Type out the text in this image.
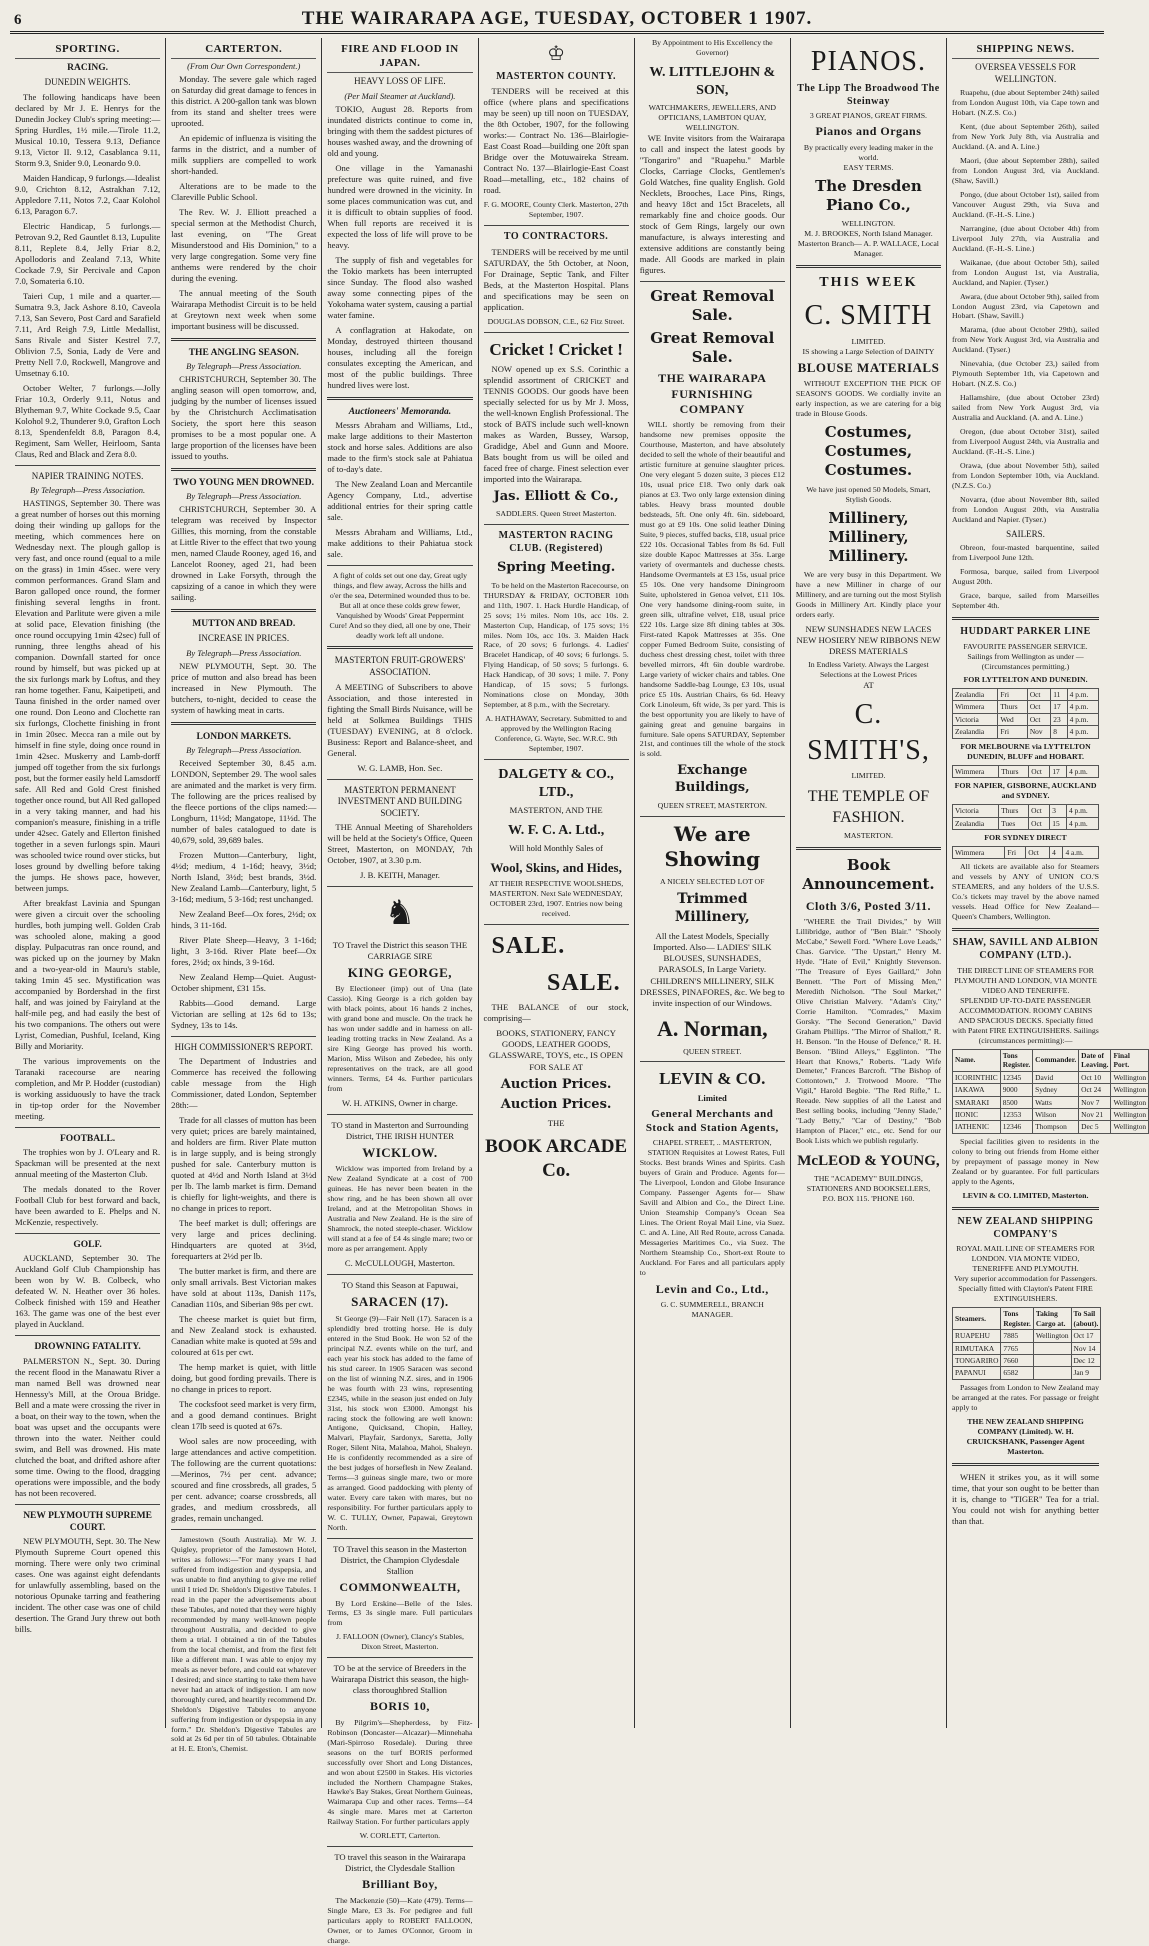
6	THE WAIRARAPA AGE, TUESDAY, OCTOBER 1 1907.
SPORTING.
RACING.
DUNEDIN WEIGHTS.

The following handicaps have been declared by Mr J. E. Henrys for the Dunedin Jockey Club's spring meeting:— Spring Hurdles, 1½ mile.—Tirole 11.2, Musical 10.10, Tessera 9.13, Defiance 9.13, Victor II. 9.12, Casablanca 9.11, Storm 9.3, Snider 9.0, Leonardo 9.0.

Maiden Handicap, 9 furlongs.—Idealist 9.0, Crichton 8.12, Astrakhan 7.12, Appledore 7.11, Notos 7.2, Caar Kolohol 6.13, Paragon 6.7.

Electric Handicap, 5 furlongs.—Petrovan 9.2, Red Gauntlet 8.13, Lupulite 8.11, Replete 8.4, Jelly Friar 8.2, Apollodoris and Zealand 7.13, White Cockade 7.9, Sir Percivale and Capon 7.0, Somateria 6.10.

Taieri Cup, 1 mile and a quarter.—Sumatra 9.3, Jack Ashore 8.10, Caveola 7.13, San Severo, Post Card and Sarafield 7.11, Ard Reigh 7.9, Little Medallist, Sans Rivale and Sister Kestrel 7.7, Oblivion 7.5, Sonia, Lady de Vere and Pretty Nell 7.0, Rockwell, Mangrove and Umsetnay 6.10.

October Welter, 7 furlongs.—Jolly Friar 10.3, Orderly 9.11, Notus and Blytheman 9.7, White Cockade 9.5, Caar Kolohol 9.2, Thunderer 9.0, Grafton Loch 8.13, Spendenfeldt 8.8, Paragon 8.4, Regiment, Sam Weller, Heirloom, Santa Claus, Red and Black and Zera 8.0.

NAPIER TRAINING NOTES.
By Telegraph—Press Association.

HASTINGS, September 30. There was a great number of horses out this morning doing their winding up gallops for the meeting, which commences here on Wednesday next. The plough gallop is very fast, and once round (equal to a mile on the grass) in 1min 45sec. were very common performances. Grand Slam and Baron galloped once round, the former finishing several lengths in front. Elevation and Parlitute were given a mile at solid pace, Elevation finishing (the once round occupying 1min 42sec) full of running, three lengths ahead of his companion. Downfall started for once round by himself, but was picked up at the six furlongs mark by Loftus, and they ran home together. Fanu, Kaipetipeti, and Tauna finished in the order named over one round. Don Leono and Clochette ran six furlongs, Clochette finishing in front in 1min 20sec. Mecca ran a mile out by himself in fine style, doing once round in 1min 42sec. Muskerry and Lamb-dorff jumped off together from the six furlongs post, but the former easily held Lamsdorff safe. All Red and Gold Crest finished together once round, but All Red galloped in a very taking manner, and had his companion's measure, finishing in a trifle under 42sec. Gately and Ellerton finished together in a seven furlongs spin. Mauri was schooled twice round over sticks, but loses ground by dwelling before taking the jumps. He shows pace, however, between jumps.

After breakfast Lavinia and Spungan were given a circuit over the schooling hurdles, both jumping well. Golden Crab was schooled alone, making a good display. Pulpacutras ran once round, and was picked up on the journey by Makn and a two-year-old in Mauru's stable, taking 1min 45 sec. Mystification was accompanied by Bordershad in the first half, and was joined by Fairyland at the half-mile peg, and had easily the best of his two companions. The others out were Lyrist, Comedian, Pushful, Iceland, King Billy and Moriarity.

The various improvements on the Taranaki racecourse are nearing completion, and Mr P. Hodder (custodian) is working assiduously to have the track in tip-top order for the November meeting.

FOOTBALL.

The trophies won by J. O'Leary and R. Spackman will be presented at the next annual meeting of the Masterton Club.

The medals donated to the Rover Football Club for best forward and back, have been awarded to E. Phelps and N. McKenzie, respectively.

GOLF.

AUCKLAND, September 30. The Auckland Golf Club Championship has been won by W. B. Colbeck, who defeated W. N. Heather over 36 holes. Colbeck finished with 159 and Heather 163. The game was one of the best ever played in Auckland.

DROWNING FATALITY.

PALMERSTON N., Sept. 30. During the recent flood in the Manawatu River a man named Bell was drowned near Hennessy's Mill, at the Oroua Bridge. Bell and a mate were crossing the river in a boat, on their way to the town, when the boat was upset and the occupants were thrown into the water. Neither could swim, and Bell was drowned. His mate clutched the boat, and drifted ashore after some time. Owing to the flood, dragging operations were impossible, and the body has not been recovered.

NEW PLYMOUTH SUPREME COURT.

NEW PLYMOUTH, Sept. 30. The New Plymouth Supreme Court opened this morning. There were only two criminal cases. One was against eight defendants for unlawfully assembling, based on the notorious Opunake tarring and feathering incident. The other case was one of child desertion. The Grand Jury threw out both bills.

CARTERTON.
(From Our Own Correspondent.)

Monday. The severe gale which raged on Saturday did great damage to fences in this district. A 200-gallon tank was blown from its stand and shelter trees were uprooted.

An epidemic of influenza is visiting the farms in the district, and a number of milk suppliers are compelled to work short-handed.

Alterations are to be made to the Clareville Public School.

The Rev. W. J. Elliott preached a special sermon at the Methodist Church, last evening, on "The Great Misunderstood and His Dominion," to a very large congregation. Some very fine anthems were rendered by the choir during the evening.

The annual meeting of the South Wairarapa Methodist Circuit is to be held at Greytown next week when some important business will be discussed.

THE ANGLING SEASON.
By Telegraph—Press Association.

CHRISTCHURCH, September 30. The angling season will open tomorrow, and, judging by the number of licenses issued by the Christchurch Acclimatisation Society, the sport here this season promises to be a most popular one. A large proportion of the licenses have been issued to youths.

TWO YOUNG MEN DROWNED.
By Telegraph—Press Association.

CHRISTCHURCH, September 30. A telegram was received by Inspector Gillies, this morning, from the constable at Little River to the effect that two young men, named Claude Rooney, aged 16, and Lancelot Rooney, aged 21, had been drowned in Lake Forsyth, through the capsizing of a canoe in which they were sailing.

MUTTON AND BREAD.
INCREASE IN PRICES.
By Telegraph—Press Association.

NEW PLYMOUTH, Sept. 30. The price of mutton and also bread has been increased in New Plymouth. The butchers, to-night, decided to cease the system of hawking meat in carts.

LONDON MARKETS.
By Telegraph—Press Association.

Received September 30, 8.45 a.m. LONDON, September 29. The wool sales are animated and the market is very firm. The following are the prices realised by the fleece portions of the clips named:—Longburn, 11½d; Mangatope, 11½d. The number of bales catalogued to date is 40,679, sold, 39,689 bales.

Frozen Mutton—Canterbury, light, 4½d; medium, 4 1-16d; heavy, 3½d; North Island, 3½d; best brands, 3½d. New Zealand Lamb—Canterbury, light, 5 3-16d; medium, 5 3-16d; rest unchanged.

New Zealand Beef—Ox fores, 2½d; ox hinds, 3 11-16d.

River Plate Sheep—Heavy, 3 1-16d; light, 3 3-16d. River Plate beef—Ox fores, 2½d; ox hinds, 3 9-16d.

New Zealand Hemp—Quiet. August-October shipment, £31 15s.

Rabbits—Good demand. Large Victorian are selling at 12s 6d to 13s; Sydney, 13s to 14s.

HIGH COMMISSIONER'S REPORT.

The Department of Industries and Commerce has received the following cable message from the High Commissioner, dated London, September 28th:—

Trade for all classes of mutton has been very quiet; prices are barely maintained, and holders are firm. River Plate mutton is in large supply, and is being strongly pushed for sale. Canterbury mutton is quoted at 4½d and North Island at 3½d per lb. The lamb market is firm. Demand is chiefly for light-weights, and there is no change in prices to report.

The beef market is dull; offerings are very large and prices declining. Hindquarters are quoted at 3½d, forequarters at 2½d per lb.

The butter market is firm, and there are only small arrivals. Best Victorian makes have sold at about 113s, Danish 117s, Canadian 110s, and Siberian 98s per cwt.

The cheese market is quiet but firm, and New Zealand stock is exhausted. Canadian white make is quoted at 59s and coloured at 61s per cwt.

The hemp market is quiet, with little doing, but good fording prevails. There is no change in prices to report.

The cocksfoot seed market is very firm, and a good demand continues. Bright clean 17lb seed is quoted at 67s.

Wool sales are now proceeding, with large attendances and active competition. The following are the current quotations:—Merinos, 7½ per cent. advance; scoured and fine crossbreds, all grades, 5 per cent. advance; coarse crossbreds, all grades, and medium crossbreds, all grades, remain unchanged.

Jamestown (South Australia). Mr W. J. Quigley, proprietor of the Jamestown Hotel, writes as follows:—"For many years I had suffered from indigestion and dyspepsia, and was unable to find anything to give me relief until I tried Dr. Sheldon's Digestive Tabules. I read in the paper the advertisements about these Tabules, and noted that they were highly recommended by many well-known people throughout Australia, and decided to give them a trial. I obtained a tin of the Tabules from the local chemist, and from the first felt like a different man. I was able to enjoy my meals as never before, and could eat whatever I desired; and since starting to take them have never had an attack of indigestion. I am now thoroughly cured, and heartily recommend Dr. Sheldon's Digestive Tabules to anyone suffering from indigestion or dyspepsia in any form." Dr. Sheldon's Digestive Tabules are sold at 2s 6d per tin of 50 tabules. Obtainable at H. E. Eton's, Chemist.

FIRE AND FLOOD IN JAPAN.
HEAVY LOSS OF LIFE.
(Per Mail Steamer at Auckland).

TOKIO, August 28. Reports from inundated districts continue to come in, bringing with them the saddest pictures of houses washed away, and the drowning of old and young.

One village in the Yamanashi prefecture was quite ruined, and five hundred were drowned in the vicinity. In some places communication was cut, and it is difficult to obtain supplies of food. When full reports are received it is expected the loss of life will prove to be heavy.

The supply of fish and vegetables for the Tokio markets has been interrupted since Sunday. The flood also washed away some connecting pipes of the Yokohama water system, causing a partial water famine.

A conflagration at Hakodate, on Monday, destroyed thirteen thousand houses, including all the foreign consulates excepting the American, and most of the public buildings. Three hundred lives were lost.

Auctioneers' Memoranda.

Messrs Abraham and Williams, Ltd., make large additions to their Masterton stock and horse sales. Additions are also made to the firm's stock sale at Pahiatua of to-day's date.

The New Zealand Loan and Mercantile Agency Company, Ltd., advertise additional entries for their spring cattle sale.

Messrs Abraham and Williams, Ltd., make additions to their Pahiatua stock sale.

A fight of colds set out one day, Great ugly things, and flew away, Across the hills and o'er the sea, Determined wounded thus to be. But all at once these colds grew fewer, Vanquished by Woods' Great Peppermint Cure! And so they died, all one by one, Their deadly work left all undone.

MASTERTON FRUIT-GROWERS' ASSOCIATION.

A MEETING of Subscribers to above Association, and those interested in fighting the Small Birds Nuisance, will be held at Solkmea Buildings THIS (TUESDAY) EVENING, at 8 o'clock. Business: Report and Balance-sheet, and General.

W. G. LAMB, Hon. Sec.
MASTERTON PERMANENT INVESTMENT AND BUILDING SOCIETY.

THE Annual Meeting of Shareholders will be held at the Society's Office, Queen Street, Masterton, on MONDAY, 7th October, 1907, at 3.30 p.m.

J. B. KEITH, Manager.
♞
TO Travel the District this season THE CARRIAGE SIRE
KING GEORGE,

By Electioneer (imp) out of Una (late Cassio). King George is a rich golden bay with black points, about 16 hands 2 inches, with grand bone and muscle. On the track he has won under saddle and in harness on all-leading trotting tracks in New Zealand. As a sire King George has proved his worth. Marion, Miss Wilson and Zebedee, his only representatives on the track, are all good winners. Terms, £4 4s. Further particulars from

W. H. ATKINS, Owner in charge.
TO stand in Masterton and Surrounding District, THE IRISH HUNTER
WICKLOW.

Wicklow was imported from Ireland by a New Zealand Syndicate at a cost of 700 guineas. He has never been beaten in the show ring, and he has been shown all over Ireland, and at the Metropolitan Shows in Australia and New Zealand. He is the sire of Shamrock, the noted steeple-chaser. Wicklow will stand at a fee of £4 4s single mare; two or more as per arrangement. Apply

C. McCULLOUGH, Masterton.
TO Stand this Season at Fapuwai,
SARACEN (17).

St George (9)—Fair Nell (17). Saracen is a splendidly bred trotting horse. He is duly entered in the Stud Book. He won 52 of the principal N.Z. events while on the turf, and each year his stock has added to the fame of his stud career. In 1905 Saracen was second on the list of winning N.Z. sires, and in 1906 he was fourth with 23 wins, representing £2345, while in the season just ended on July 31st, his stock won £3000. Amongst his racing stock the following are well known: Antigone, Quicksand, Chopin, Halley, Malvari, Playfair, Sardonyx, Saretta, Jolly Roger, Silent Nita, Malahoa, Mahoi, Shaleyn. He is confidently recommended as a sire of the best judges of horseflesh in New Zealand. Terms—3 guineas single mare, two or more as arranged. Good paddocking with plenty of water. Every care taken with mares, but no responsibility. For further particulars apply to W. C. TULLY, Owner, Papawai, Greytown North.

TO Travel this season in the Masterton District, the Champion Clydesdale Stallion
COMMONWEALTH,

By Lord Erskine—Belle of the Isles. Terms, £3 3s single mare. Full particulars from

J. FALLOON (Owner), Clancy's Stables, Dixon Street, Masterton.
TO be at the service of Breeders in the Wairarapa District this season, the high-class thoroughbred Stallion
BORIS 10,

By Pilgrim's—Shepherdess, by Fitz-Robinson (Doncaster—Alcazar)—Minnehaha (Mari-Spirroso Rosedale). During three seasons on the turf BORIS performed successfully over Short and Long Distances, and won about £2500 in Stakes. His victories included the Northern Champagne Stakes, Hawke's Bay Stakes, Great Northern Guineas, Waimarapa Cup and other races. Terms—£4 4s single mare. Mares met at Carterton Railway Station. For further particulars apply

W. CORLETT, Carterton.
TO travel this season in the Wairarapa District, the Clydesdale Stallion
Brilliant Boy,

The Mackenzie (50)—Kate (479). Terms—Single Mare, £3 3s. For pedigree and full particulars apply to ROBERT FALLOON, Owner, or to James O'Connor, Groom in charge.

♔
MASTERTON COUNTY.

TENDERS will be received at this office (where plans and specifications may be seen) up till noon on TUESDAY, the 8th October, 1907, for the following works:— Contract No. 136—Blairlogie-East Coast Road—building one 20ft span Bridge over the Motuwaireka Stream. Contract No. 137—Blairlogie-East Coast Road—metalling, etc., 182 chains of road.

F. G. MOORE, County Clerk. Masterton, 27th September, 1907.
TO CONTRACTORS.

TENDERS will be received by me until SATURDAY, the 5th October, at Noon, For Drainage, Septic Tank, and Filter Beds, at the Masterton Hospital. Plans and specifications may be seen on application.

DOUGLAS DOBSON, C.E., 62 Fitz Street.
Cricket ! Cricket !

NOW opened up ex S.S. Corinthic a splendid assortment of CRICKET and TENNIS GOODS. Our goods have been specially selected for us by Mr J. Moss, the well-known English Professional. The stock of BATS include such well-known makes as Warden, Bussey, Warsop, Gradidge, Abel and Gunn and Moore. Bats bought from us will be oiled and faced free of charge. Finest selection ever imported into the Wairarapa.

Jas. Elliott & Co.,
SADDLERS. Queen Street Masterton.
MASTERTON RACING CLUB. (Registered)
Spring Meeting.

To be held on the Masterton Racecourse, on THURSDAY & FRIDAY, OCTOBER 10th and 11th, 1907. 1. Hack Hurdle Handicap, of 25 sovs; 1½ miles. Nom 10s, acc 10s. 2. Masterton Cup, Handicap, of 175 sovs; 1½ miles. Nom 10s, acc 10s. 3. Maiden Hack Race, of 20 sovs; 6 furlongs. 4. Ladies' Bracelet Handicap, of 40 sovs; 6 furlongs. 5. Flying Handicap, of 50 sovs; 5 furlongs. 6. Hack Handicap, of 30 sovs; 1 mile. 7. Pony Handicap, of 15 sovs; 5 furlongs. Nominations close on Monday, 30th September, at 8 p.m., with the Secretary.

A. HATHAWAY, Secretary. Submitted to and approved by the Wellington Racing Conference, G. Wayte, Sec. W.R.C. 9th September, 1907.
DALGETY & CO., LTD.,
MASTERTON, AND THE
W. F. C. A. Ltd.,
Will hold Monthly Sales of
Wool, Skins, and Hides,
AT THEIR RESPECTIVE WOOLSHEDS, MASTERTON. Next Sale WEDNESDAY, OCTOBER 23rd, 1907. Entries now being received.
SALE.
SALE.

THE BALANCE of our stock, comprising—

BOOKS, STATIONERY, FANCY GOODS, LEATHER GOODS, GLASSWARE, TOYS, etc., IS OPEN FOR SALE AT
Auction Prices.
Auction Prices.
THE
BOOK ARCADE Co.
By Appointment to His Excellency the Governor)
W. LITTLEJOHN & SON,
WATCHMAKERS, JEWELLERS, AND OPTICIANS, LAMBTON QUAY, WELLINGTON.

WE Invite visitors from the Wairarapa to call and inspect the latest goods by "Tongariro" and "Ruapehu." Marble Clocks, Carriage Clocks, Gentlemen's Gold Watches, fine quality English. Gold Necklets, Brooches, Lace Pins, Rings, and heavy 18ct and 15ct Bracelets, all remarkably fine and choice goods. Our stock of Gem Rings, largely our own manufacture, is always interesting and extensive additions are constantly being made. All Goods are marked in plain figures.

Great Removal Sale.
Great Removal Sale.
THE WAIRARAPA FURNISHING COMPANY

WILL shortly be removing from their handsome new premises opposite the Courthouse, Masterton, and have absolutely decided to sell the whole of their beautiful and artistic furniture at genuine slaughter prices. One very elegant 5 dozen suite, 3 pieces £12 10s, usual price £18. Two only dark oak pianos at £3. Two only large extension dining tables. Heavy brass mounted double bedsteads, 5ft. One only 4ft. 6in. sideboard, must go at £9 10s. One solid leather Dining Suite, 9 pieces, stuffed backs, £18, usual price £22 10s. Occasional Tables from 8s 6d. Full size double Kapoc Mattresses at 35s. Large variety of overmantels and duchesse chests. Handsome Overmantels at £3 15s, usual price £5 10s. One very handsome Diningroom Suite, upholstered in Genoa velvet, £11 10s. One very handsome dining-room suite, in green silk, ultrafine velvet, £18, usual price £22 10s. Large size 8ft dining tables at 30s. First-rated Kapok Mattresses at 35s. One copper Fumed Bedroom Suite, consisting of duchess chest dressing chest, toilet with three bevelled mirrors, 4ft 6in double wardrobe. Large variety of wicker chairs and tables. One handsome Saddle-bag Lounge, £3 10s, usual price £5 10s. Austrian Chairs, 6s 6d. Heavy Cork Linoleum, 6ft wide, 3s per yard. This is the best opportunity you are likely to have of gaining great and genuine bargains in furniture. Sale opens SATURDAY, September 21st, and continues till the whole of the stock is sold.

Exchange Buildings,
QUEEN STREET, MASTERTON.
We are Showing
A NICELY SELECTED LOT OF
Trimmed Millinery,
All the Latest Models, Specially Imported. Also— LADIES' SILK BLOUSES, SUNSHADES, PARASOLS, In Large Variety. CHILDREN'S MILLINERY, SILK DRESSES, PINAFORES, &c. We beg to invite inspection of our Windows.
A. Norman,
QUEEN STREET.
LEVIN & CO.
Limited
General Merchants and Stock and Station Agents,
CHAPEL STREET, .. MASTERTON,

STATION Requisites at Lowest Rates, Full Stocks. Best brands Wines and Spirits. Cash buyers of Grain and Produce. Agents for— The Liverpool, London and Globe Insurance Company. Passenger Agents for— Shaw Savill and Albion and Co., the Direct Line. Union Steamship Company's Ocean Sea Lines. The Orient Royal Mail Line, via Suez. C. and A. Line, All Red Route, across Canada. Messageries Maritimes Co., via Suez. The Northern Steamship Co., Short-ext Route to Auckland. For Fares and all particulars apply to

Levin and Co., Ltd.,
G. C. SUMMERELL, BRANCH MANAGER.
PIANOS.
The Lipp The Broadwood The Steinway
3 GREAT PIANOS, GREAT FIRMS.
Pianos and Organs
By practically every leading maker in the world.
EASY TERMS.
The Dresden Piano Co.,
WELLINGTON.
M. J. BROOKES, North Island Manager. Masterton Branch— A. P. WALLACE, Local Manager.
THIS WEEK
C. SMITH
LIMITED.
IS showing a Large Selection of DAINTY
BLOUSE MATERIALS

WITHOUT EXCEPTION THE PICK OF SEASON'S GOODS. We cordially invite an early inspection, as we are catering for a big trade in Blouse Goods.

Costumes, Costumes, Costumes.
We have just opened 50 Models, Smart, Stylish Goods.
Millinery, Millinery, Millinery.

We are very busy in this Department. We have a new Milliner in charge of our Millinery, and are turning out the most Stylish Goods in Millinery Art. Kindly place your orders early.

NEW SUNSHADES NEW LACES NEW HOSIERY NEW RIBBONS NEW DRESS MATERIALS
In Endless Variety. Always the Largest Selections at the Lowest Prices
AT
C. SMITH'S,
LIMITED.
THE TEMPLE OF FASHION.
MASTERTON.
Book Announcement.
Cloth 3/6, Posted 3/11.

"WHERE the Trail Divides," by Will Lillibridge, author of "Ben Blair." "Shooly McCabe," Sewell Ford. "Where Love Leads," Chas. Garvice. "The Upstart," Henry M. Hyde. "Hate of Evil," Knightly Stevenson. "The Treasure of Eyes Gaillard," John Bennett. "The Port of Missing Men," Meredith Nicholson. "The Soul Market," Olive Christian Malvery. "Adam's City," Corrie Hamilton. "Comrades," Maxim Gorsky. "The Second Generation," David Graham Phillips. "The Mirror of Shallott," R. H. Benson. "In the House of Defence," R. H. Benson. "Blind Alleys," Egglinton. "The Heart that Knows," Roberts. "Lady Wife Demeter," Frances Barcroft. "The Bishop of Cottontown," J. Trotwood Moore. "The Vigil," Harold Begbie. "The Red Rifle," L. Reeade. New supplies of all the Latest and Best selling books, including "Jenny Slade," "Lady Betty," "Car of Destiny," "Bob Hampton of Placer," etc., etc. Send for our Book Lists which we publish regularly.

McLEOD & YOUNG,
THE "ACADEMY" BUILDINGS, STATIONERS AND BOOKSELLERS,
P.O. BOX 115. 'PHONE 160.
SHIPPING NEWS.
OVERSEA VESSELS FOR WELLINGTON.

Ruapehu, (due about September 24th) sailed from London August 10th, via Cape town and Hobart. (N.Z.S. Co.)

Kent, (due about September 26th), sailed from New York July 8th, via Australia and Auckland. (A. and A. Line.)

Maori, (due about September 28th), sailed from London August 3rd, via Auckland. (Shaw, Savill.)

Pongo, (due about October 1st), sailed from Vancouver August 29th, via Suva and Auckland. (F.-H.-S. Line.)

Narrangine, (due about October 4th) from Liverpool July 27th, via Australia and Auckland. (F.-H.-S. Line.)

Waikanae, (due about October 5th), sailed from London August 1st, via Australia, Auckland, and Napier. (Tyser.)

Awara, (due about October 9th), sailed from London August 23rd, via Capetown and Hobart. (Shaw, Savill.)

Marama, (due about October 29th), sailed from New York August 3rd, via Australia and Auckland. (Tyser.)

Ninevahia, (due October 23,) sailed from Plymouth September 1th, via Capetown and Hobart. (N.Z.S. Co.)

Hallamshire, (due about October 23rd) sailed from New York August 3rd, via Australia and Auckland. (A. and A. Line.)

Oregon, (due about October 31st), sailed from Liverpool August 24th, via Australia and Auckland. (F.-H.-S. Line.)

Orawa, (due about November 5th), sailed from London September 10th, via Auckland. (N.Z.S. Co.)

Novarra, (due about November 8th, sailed from London August 20th, via Australia Auckland and Napier. (Tyser.)

SAILERS.

Obreon, four-masted barquentine, sailed from Liverpool June 12th.

Formosa, barque, sailed from Liverpool August 20th.

Grace, barque, sailed from Marseilles September 4th.

HUDDART PARKER LINE
FAVOURITE PASSENGER SERVICE.
Sailings from Wellington as under — (Circumstances permitting.)
FOR LYTTELTON AND DUNEDIN.
Zealandia	Fri	Oct	11	4 p.m.
Wimmera	Thurs	Oct	17	4 p.m.
Victoria	Wed	Oct	23	4 p.m.
Zealandia	Fri	Nov	8	4 p.m.
FOR MELBOURNE via LYTTELTON DUNEDIN, BLUFF and HOBART.
Wimmera	Thurs	Oct	17	4 p.m.
FOR NAPIER, GISBORNE, AUCKLAND and SYDNEY.
Victoria	Thurs	Oct	3	4 p.m.
Zealandia	Tues	Oct	15	4 p.m.
FOR SYDNEY DIRECT
Wimmera	Fri	Oct	4	4 a.m.

All tickets are available also for Steamers and vessels by ANY of UNION CO.'S STEAMERS, and any holders of the U.S.S. Co.'s tickets may travel by the above named vessels. Head Office for New Zealand—Queen's Chambers, Wellington.

SHAW, SAVILL AND ALBION COMPANY (LTD.).
THE DIRECT LINE OF STEAMERS FOR PLYMOUTH AND LONDON, VIA MONTE VIDEO AND TENERIFFE.
SPLENDID UP-TO-DATE PASSENGER ACCOMMODATION. ROOMY CABINS AND SPACIOUS DECKS. Specially fitted with Patent FIRE EXTINGUISHERS. Sailings (circumstances permitting):—
Name.	Tons Register.	Commander.	Date of Leaving.	Final Port.
ICORINTHIC	12345	David	Oct 10	Wellington
IAKAWA	9000	Sydney	Oct 24	Wellington
SMARAKI	8500	Watts	Nov 7	Wellington
IIONIC	12353	Wilson	Nov 21	Wellington
IATHENIC	12346	Thompson	Dec 5	Wellington

Special facilities given to residents in the colony to bring out friends from Home either by prepayment of passage money in New Zealand or by guarantee. For full particulars apply to the Agents,

LEVIN & CO. LIMITED, Masterton.
NEW ZEALAND SHIPPING COMPANY'S
ROYAL MAIL LINE OF STEAMERS FOR LONDON. VIA MONTE VIDEO, TENERIFFE AND PLYMOUTH.
Very superior accommodation for Passengers. Specially fitted with Clayton's Patent FIRE EXTINGUISHERS.
Steamers.	Tons Register.	Taking Cargo at.	To Sail (about).
RUAPEHU	7885	Wellington	Oct 17
RIMUTAKA	7765		Nov 14
TONGARIRO	7660		Dec 12
PAPANUI	6582		Jan 9

Passages from London to New Zealand may be arranged at the rates. For passage or freight apply to

THE NEW ZEALAND SHIPPING COMPANY (Limited). W. H. CRUICKSHANK, Passenger Agent Masterton.

WHEN it strikes you, as it will some time, that your son ought to be better than it is, change to "TIGER" Tea for a trial. You could not wish for anything better than that.
